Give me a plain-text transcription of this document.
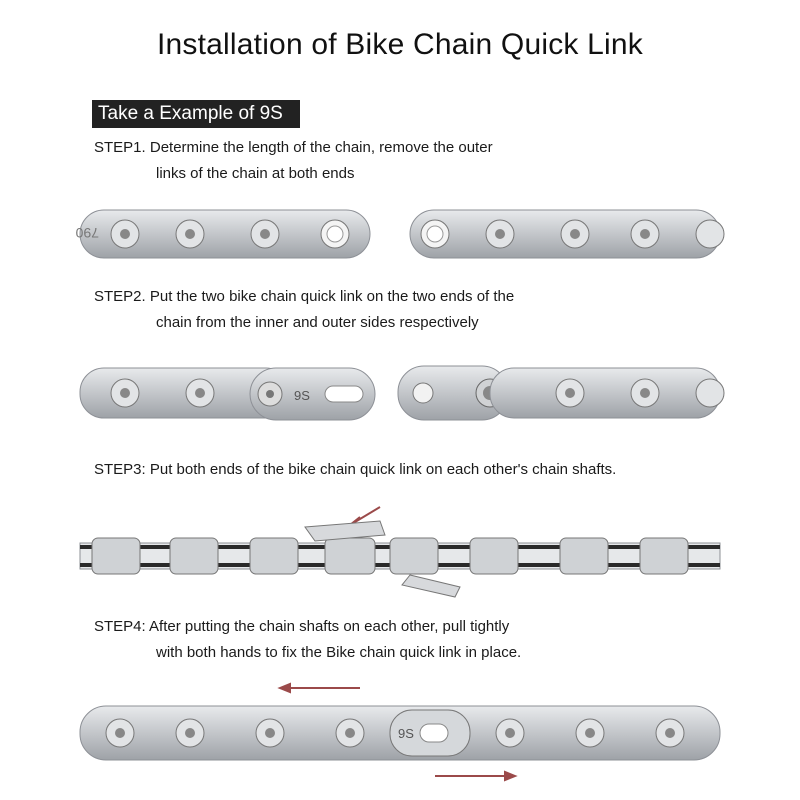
Installation of Bike Chain Quick Link
Take a Example of 9S
STEP1. Determine the length of the chain, remove the outer
links of the chain at both ends
790
STEP2. Put the two bike chain quick link on the two ends of the
chain from the inner and outer sides respectively
9S
STEP3: Put both ends of the bike chain quick link on each other's chain shafts.
STEP4: After putting the chain shafts on each other, pull tightly
with both hands to fix the Bike chain quick link in place.
9S
